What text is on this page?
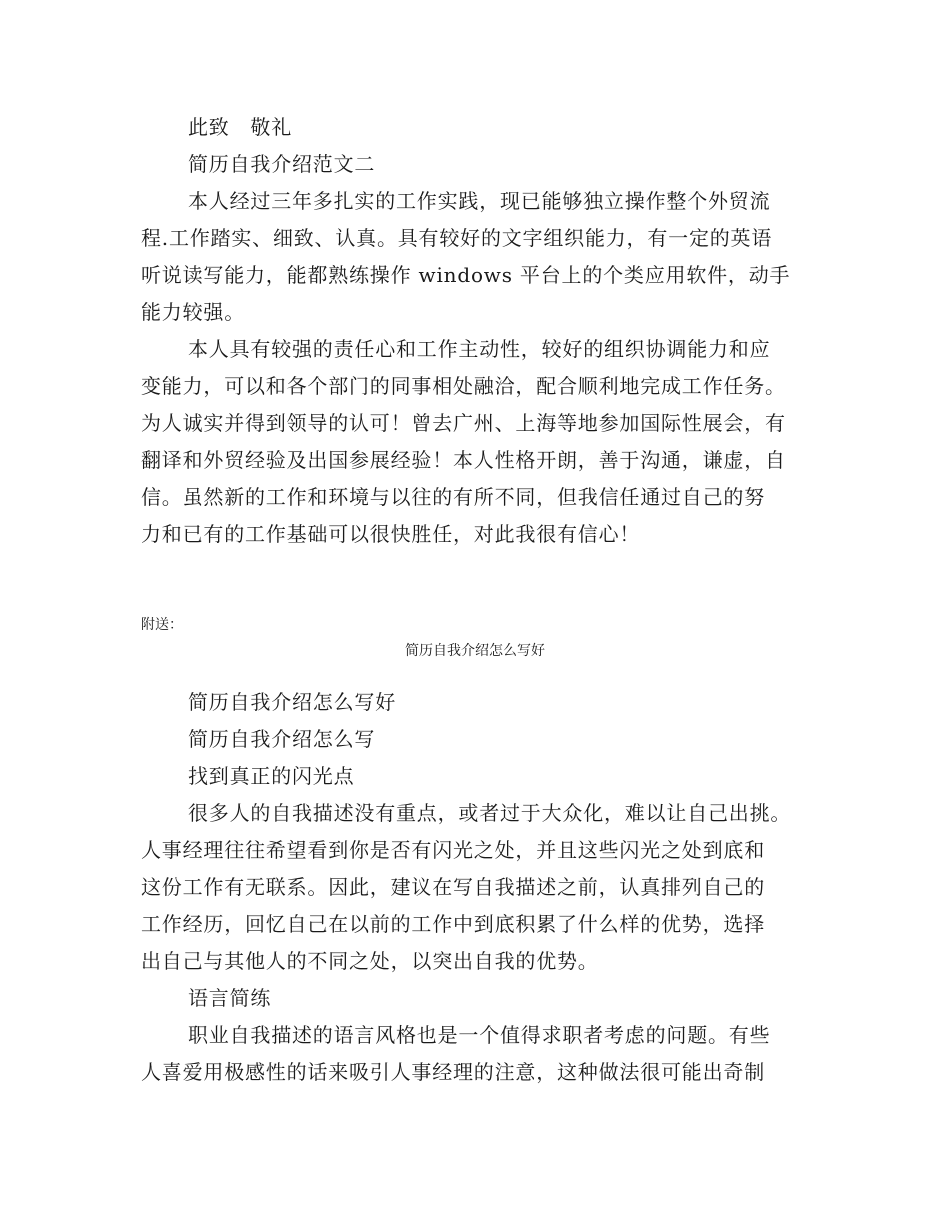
此致　敬礼
简历自我介绍范文二
本人经过三年多扎实的工作实践，现已能够独立操作整个外贸流
程.工作踏实、细致、认真。具有较好的文字组织能力，有一定的英语
听说读写能力，能都熟练操作 windows 平台上的个类应用软件，动手
能力较强。
本人具有较强的责任心和工作主动性，较好的组织协调能力和应
变能力，可以和各个部门的同事相处融洽，配合顺利地完成工作任务。
为人诚实并得到领导的认可！曾去广州、上海等地参加国际性展会，有
翻译和外贸经验及出国参展经验！本人性格开朗，善于沟通，谦虚，自
信。虽然新的工作和环境与以往的有所不同，但我信任通过自己的努
力和已有的工作基础可以很快胜任，对此我很有信心！
附送：
简历自我介绍怎么写好
简历自我介绍怎么写好
简历自我介绍怎么写
找到真正的闪光点
很多人的自我描述没有重点，或者过于大众化，难以让自己出挑。
人事经理往往希望看到你是否有闪光之处，并且这些闪光之处到底和
这份工作有无联系。因此，建议在写自我描述之前，认真排列自己的
工作经历，回忆自己在以前的工作中到底积累了什么样的优势，选择
出自己与其他人的不同之处，以突出自我的优势。
语言简练
职业自我描述的语言风格也是一个值得求职者考虑的问题。有些
人喜爱用极感性的话来吸引人事经理的注意，这种做法很可能出奇制
